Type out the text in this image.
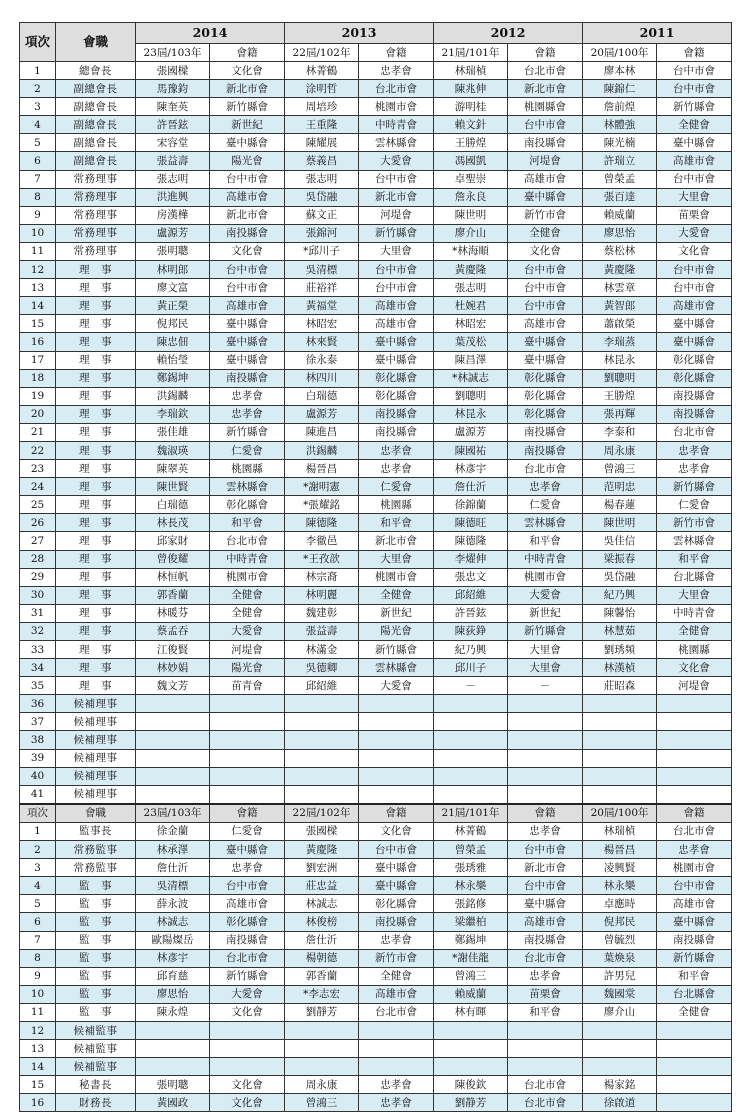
項次	會職	2014		2013		2012		2011	
		23屆/103年	會籍	22屆/102年	會籍	21屆/101年	會籍	20屆/100年	會籍
1	總會長	張國樑	文化會	林菁鶴	忠孝會	林瑞楨	台北市會	廖本林	台中市會
2	副總會長	馬豫鈞	新北市會	涂明哲	台北市會	陳兆伸	新北市會	陳錦仁	台中市會
3	副總會長	陳奎英	新竹縣會	周培珍	桃園市會	游明桂	桃園縣會	詹前煌	新竹縣會
4	副總會長	許晉鉉	新世紀	王重隆	中時青會	賴文針	台中市會	林體強	全健會
5	副總會長	宋容堂	臺中縣會	陳耀展	雲林縣會	王勝煌	南投縣會	陳光楠	臺中縣會
6	副總會長	張益壽	陽光會	蔡義昌	大愛會	馮國凱	河堤會	許瑞立	高雄市會
7	常務理事	張志明	台中市會	張志明	台中市會	卓聖崇	高雄市會	曾榮孟	台中市會
8	常務理事	洪進興	高雄市會	吳岱融	新北市會	詹永良	臺中縣會	張百達	大里會
9	常務理事	房漢樺	新北市會	蘇文正	河堤會	陳世明	新竹市會	賴威蘭	苗栗會
10	常務理事	盧源芳	南投縣會	張錦河	新竹縣會	廖介山	全健會	廖思怡	大愛會
11	常務理事	張明聰	文化會	*邱川子	大里會	*林海順	文化會	蔡松林	文化會
12	理　事	林明郎	台中市會	吳清標	台中市會	黃慶隆	台中市會	黃慶隆	台中市會
13	理　事	廖文富	台中市會	莊裕祥	台中市會	張志明	台中市會	林雲章	台中市會
14	理　事	黃正榮	高雄市會	黃福堂	高雄市會	杜婉君	台中市會	黃智郎	高雄市會
15	理　事	倪邦民	臺中縣會	林昭宏	高雄市會	林昭宏	高雄市會	蕭啟榮	臺中縣會
16	理　事	陳忠佃	臺中縣會	林來賢	臺中縣會	葉茂松	臺中縣會	李瑞蒸	臺中縣會
17	理　事	賴怡瑩	臺中縣會	徐永泰	臺中縣會	陳昌澤	臺中縣會	林昆永	彰化縣會
18	理　事	鄭錫坤	南投縣會	林四川	彰化縣會	*林誠志	彰化縣會	劉聰明	彰化縣會
19	理　事	洪錫麟	忠孝會	白瑞德	彰化縣會	劉聰明	彰化縣會	王勝煌	南投縣會
20	理　事	李瑞欽	忠孝會	盧源芳	南投縣會	林昆永	彰化縣會	張再輝	南投縣會
21	理　事	張佳雄	新竹縣會	陳進昌	南投縣會	盧源芳	南投縣會	李泰和	台北市會
22	理　事	魏淑瑛	仁愛會	洪錫麟	忠孝會	陳國祐	南投縣會	周永康	忠孝會
23	理　事	陳翠英	桃園縣	楊晉昌	忠孝會	林彥宇	台北市會	曾鴻三	忠孝會
24	理　事	陳世賢	雲林縣會	*謝明憲	仁愛會	詹仕沂	忠孝會	范明忠	新竹縣會
25	理　事	白瑞德	彰化縣會	*張耀銘	桃園縣	徐錦蘭	仁愛會	楊春蓮	仁愛會
26	理　事	林長茂	和平會	陳德隆	和平會	陳德旺	雲林縣會	陳世明	新竹市會
27	理　事	邱家財	台北市會	李徹邑	新北市會	陳德隆	和平會	吳佳信	雲林縣會
28	理　事	曾俊耀	中時青會	*王孜歆	大里會	李燿伸	中時青會	梁振春	和平會
29	理　事	林恒帆	桃園市會	林宗裔	桃園市會	張忠文	桃園市會	吳岱融	台北縣會
30	理　事	郭香蘭	全健會	林明麗	全健會	邱紹維	大愛會	紀乃興	大里會
31	理　事	林暖芬	全健會	魏建彰	新世紀	許晉鉉	新世紀	陳馨怡	中時青會
32	理　事	蔡孟吞	大愛會	張益壽	陽光會	陳荻錚	新竹縣會	林慧茹	全健會
33	理　事	江俊賢	河堤會	林滿金	新竹縣會	紀乃興	大里會	劉琇頻	桃園縣
34	理　事	林妙娟	陽光會	吳德卿	雲林縣會	邱川子	大里會	林漢楨	文化會
35	理　事	魏文芳	苗青會	邱紹維	大愛會	－	－	莊昭森	河堤會
36	候補理事								
37	候補理事								
38	候補理事								
39	候補理事								
40	候補理事								
41	候補理事								
項次	會職	23屆/103年	會籍	22屆/102年	會籍	21屆/101年	會籍	20屆/100年	會籍
1	監事長	徐金蘭	仁愛會	張國樑	文化會	林菁鶴	忠孝會	林瑞楨	台北市會
2	常務監事	林承澤	臺中縣會	黃慶隆	台中市會	曾榮孟	台中市會	楊晉昌	忠孝會
3	常務監事	詹仕沂	忠孝會	劉宏洲	臺中縣會	張琇雅	新北市會	凌興賢	桃園市會
4	監　事	吳清標	台中市會	莊忠益	臺中縣會	林永樂	台中市會	林永樂	台中市會
5	監　事	薛永波	高雄市會	林誠志	彰化縣會	張銘修	臺中縣會	卓應時	高雄市會
6	監　事	林誠志	彰化縣會	林俊榜	南投縣會	梁繼柏	高雄市會	倪邦民	臺中縣會
7	監　事	歐陽燦岳	南投縣會	詹仕沂	忠孝會	鄭錫坤	南投縣會	曾毓烈	南投縣會
8	監　事	林彥宇	台北市會	楊朝德	新竹市會	*謝佳龍	台北市會	葉煥泉	新竹縣會
9	監　事	邱育慈	新竹縣會	郭香蘭	全健會	曾鴻三	忠孝會	許男兒	和平會
10	監　事	廖思怡	大愛會	*李志宏	高雄市會	賴威蘭	苗栗會	魏國棠	台北縣會
11	監　事	陳永煌	文化會	劉靜芳	台北市會	林有暉	和平會	廖介山	全健會
12	候補監事								
13	候補監事								
14	候補監事								
15	秘書長	張明聰	文化會	周永康	忠孝會	陳俊欽	台北市會	楊家銘	
16	財務長	黃國政	文化會	曾鴻三	忠孝會	劉静芳	台北市會	徐啟道	
